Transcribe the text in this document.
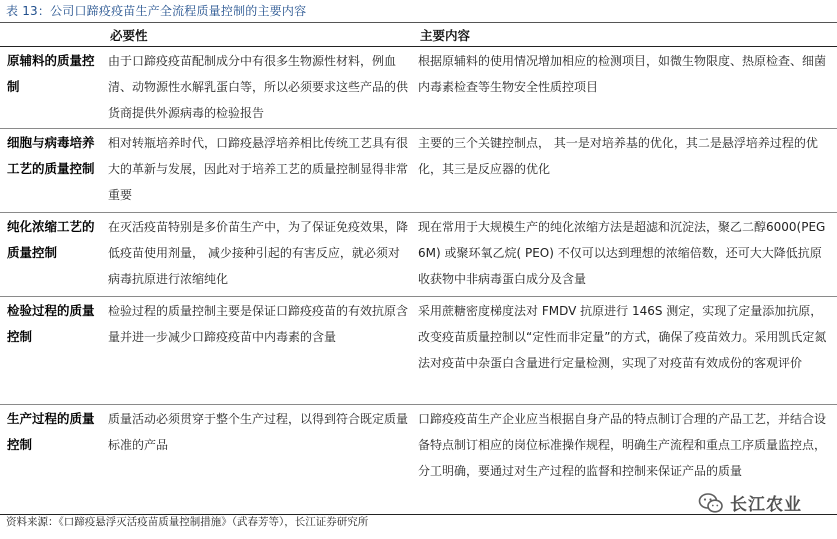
表 13：公司口蹄疫疫苗生产全流程质量控制的主要内容
	必要性	主要内容
原辅料的质量控制	由于口蹄疫疫苗配制成分中有很多生物源性材料，例血清、动物源性水解乳蛋白等，所以必须要求这些产品的供货商提供外源病毒的检验报告	根据原辅料的使用情况增加相应的检测项目，如微生物限度、热原检查、细菌内毒素检查等生物安全性质控项目
细胞与病毒培养工艺的质量控制	相对转瓶培养时代，口蹄疫悬浮培养相比传统工艺具有很大的革新与发展，因此对于培养工艺的质量控制显得非常重要	主要的三个关键控制点， 其一是对培养基的优化，其二是悬浮培养过程的优化，其三是反应器的优化
纯化浓缩工艺的质量控制	在灭活疫苗特别是多价苗生产中，为了保证免疫效果，降低疫苗使用剂量， 减少接种引起的有害反应，就必须对病毒抗原进行浓缩纯化	现在常用于大规模生产的纯化浓缩方法是超滤和沉淀法，聚乙二醇6000(PEG 6M) 或聚环氧乙烷( PEO) 不仅可以达到理想的浓缩倍数，还可大大降低抗原收获物中非病毒蛋白成分及含量
检验过程的质量控制	检验过程的质量控制主要是保证口蹄疫疫苗的有效抗原含量并进一步减少口蹄疫疫苗中内毒素的含量	采用蔗糖密度梯度法对 FMDV 抗原进行 146S 测定，实现了定量添加抗原，改变疫苗质量控制以“定性而非定量”的方式，确保了疫苗效力。采用凯氏定氮法对疫苗中杂蛋白含量进行定量检测，实现了对疫苗有效成份的客观评价
生产过程的质量控制	质量活动必须贯穿于整个生产过程，以得到符合既定质量标准的产品	口蹄疫疫苗生产企业应当根据自身产品的特点制订合理的产品工艺，并结合设备特点制订相应的岗位标准操作规程，明确生产流程和重点工序质量监控点，分工明确，要通过对生产过程的监督和控制来保证产品的质量
资料来源：《口蹄疫悬浮灭活疫苗质量控制措施》（武春芳等），长江证券研究所
长江农业
